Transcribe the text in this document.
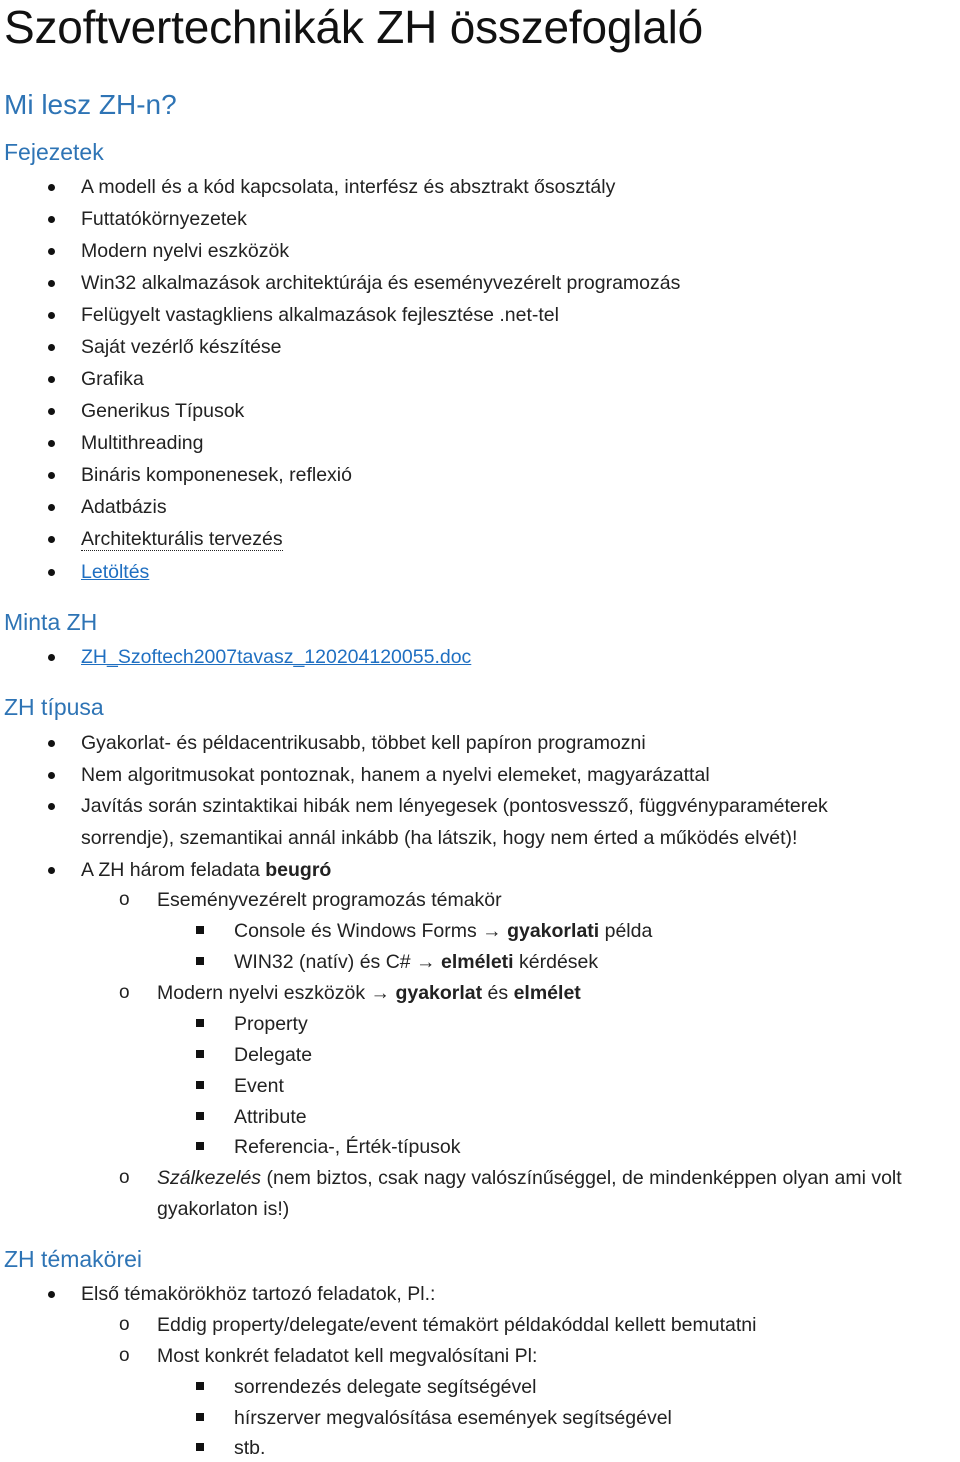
Szoftvertechnikák ZH összefoglaló
Mi lesz ZH-n?
Fejezetek
A modell és a kód kapcsolata, interfész és absztrakt ősosztály
Futtatókörnyezetek
Modern nyelvi eszközök
Win32 alkalmazások architektúrája és eseményvezérelt programozás
Felügyelt vastagkliens alkalmazások fejlesztése .net-tel
Saját vezérlő készítése
Grafika
Generikus Típusok
Multithreading
Bináris komponenesek, reflexió
Adatbázis
Architekturális tervezés
Letöltés
Minta ZH
ZH_Szoftech2007tavasz_120204120055.doc
ZH típusa
Gyakorlat- és példacentrikusabb, többet kell papíron programozni
Nem algoritmusokat pontoznak, hanem a nyelvi elemeket, magyarázattal
Javítás során szintaktikai hibák nem lényegesek (pontosvessző, függvényparaméterek
sorrendje), szemantikai annál inkább (ha látszik, hogy nem érted a működés elvét)!
A ZH három feladata beugró
o Eseményvezérelt programozás témakör
Console és Windows Forms → gyakorlati példa
WIN32 (natív) és C# → elméleti kérdések
o Modern nyelvi eszközök → gyakorlat és elmélet
Property
Delegate
Event
Attribute
Referencia-, Érték-típusok
o Szálkezelés (nem biztos, csak nagy valószínűséggel, de mindenképpen olyan ami volt
gyakorlaton is!)
ZH témakörei
Első témakörökhöz tartozó feladatok, Pl.:
o Eddig property/delegate/event témakört példakóddal kellett bemutatni
o Most konkrét feladatot kell megvalósítani Pl:
sorrendezés delegate segítségével
hírszerver megvalósítása események segítségével
stb.
